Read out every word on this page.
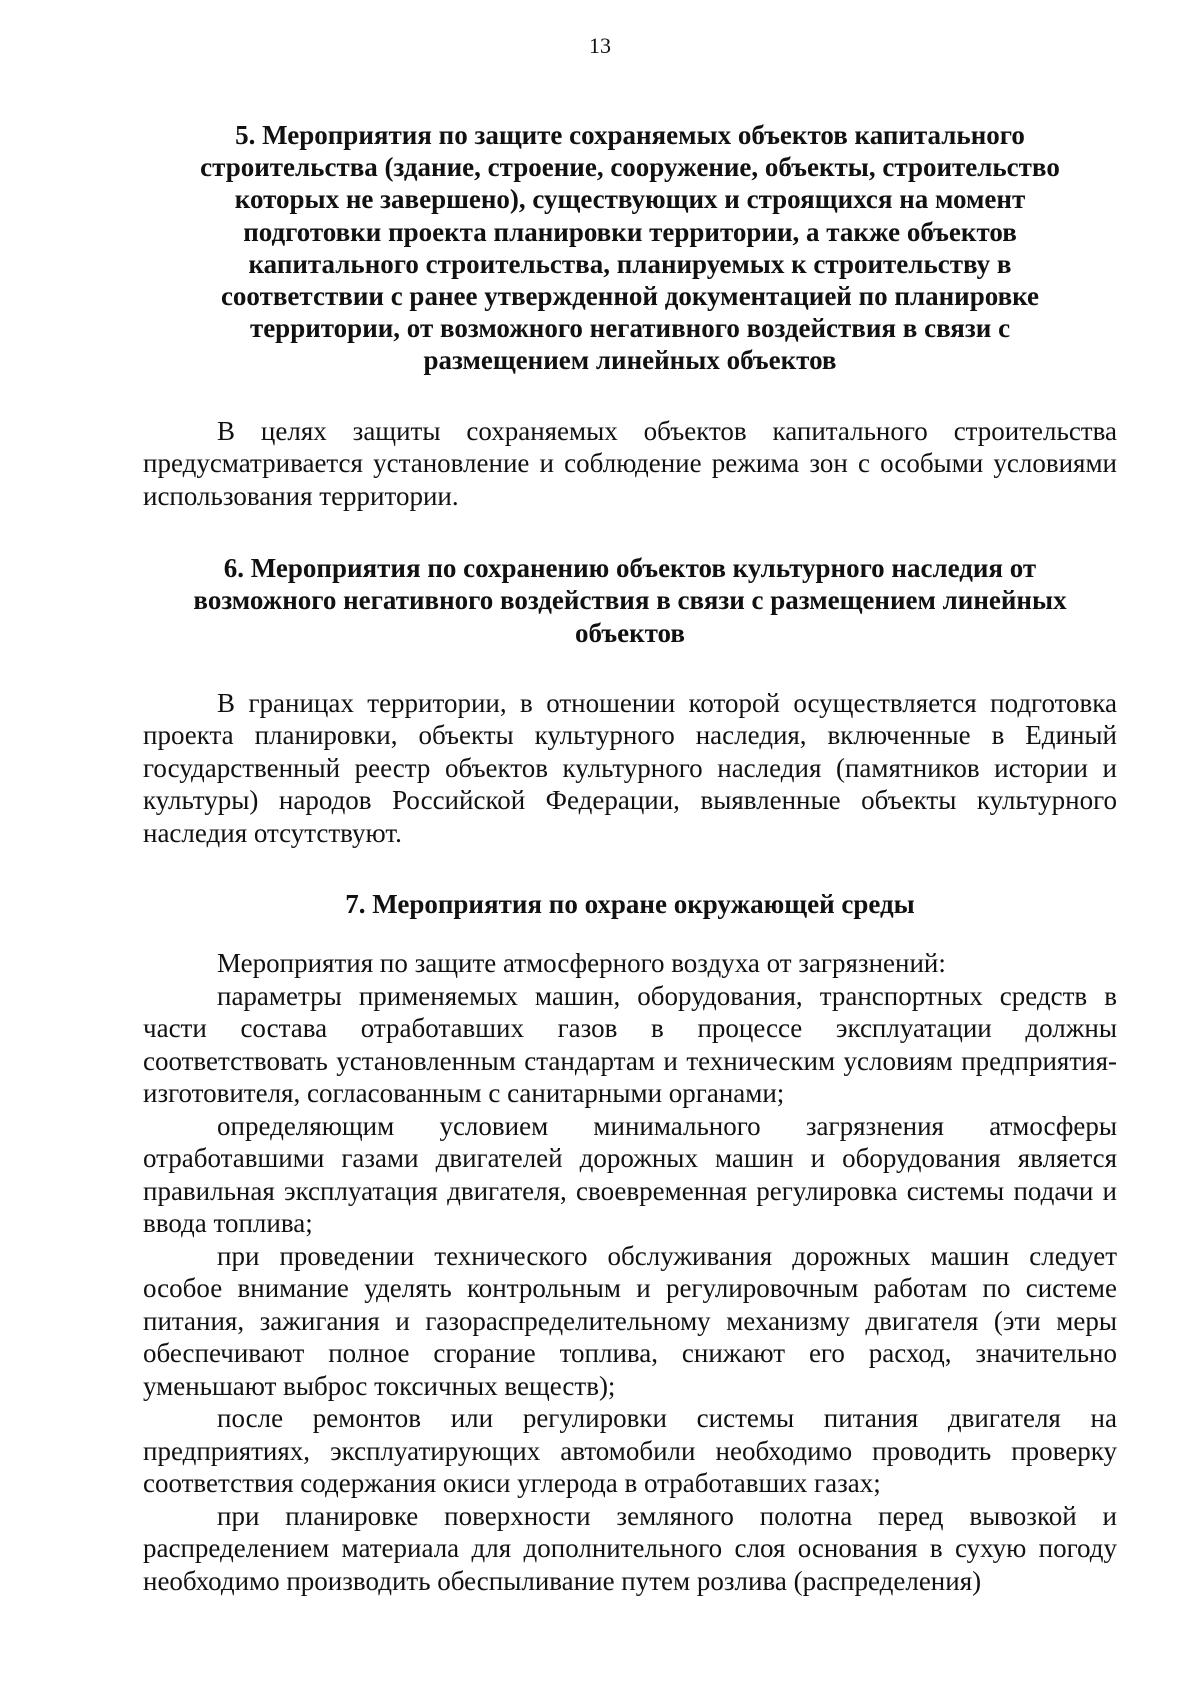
13
5. Мероприятия по защите сохраняемых объектов капитального строительства (здание, строение, сооружение, объекты, строительство которых не завершено), существующих и строящихся на момент подготовки проекта планировки территории, а также объектов капитального строительства, планируемых к строительству в соответствии с ранее утвержденной документацией по планировке территории, от возможного негативного воздействия в связи с размещением линейных объектов

В целях защиты сохраняемых объектов капитального строительства предусматривается установление и соблюдение режима зон с особыми условиями использования территории.

6. Мероприятия по сохранению объектов культурного наследия от возможного негативного воздействия в связи с размещением линейных объектов

В границах территории, в отношении которой осуществляется подготовка проекта планировки, объекты культурного наследия, включенные в Единый государственный реестр объектов культурного наследия (памятников истории и культуры) народов Российской Федерации, выявленные объекты культурного наследия отсутствуют.

7. Мероприятия по охране окружающей среды

Мероприятия по защите атмосферного воздуха от загрязнений:

параметры применяемых машин, оборудования, транспортных средств в части состава отработавших газов в процессе эксплуатации должны соответствовать установленным стандартам и техническим условиям предприятия-изготовителя, согласованным с санитарными органами;

определяющим условием минимального загрязнения атмосферы отработавшими газами двигателей дорожных машин и оборудования является правильная эксплуатация двигателя, своевременная регулировка системы подачи и ввода топлива;

при проведении технического обслуживания дорожных машин следует особое внимание уделять контрольным и регулировочным работам по системе питания, зажигания и газораспределительному механизму двигателя (эти меры обеспечивают полное сгорание топлива, снижают его расход, значительно уменьшают выброс токсичных веществ);

после ремонтов или регулировки системы питания двигателя на предприятиях, эксплуатирующих автомобили необходимо проводить проверку соответствия содержания окиси углерода в отработавших газах;

при планировке поверхности земляного полотна перед вывозкой и распределением материала для дополнительного слоя основания в сухую погоду необходимо производить обеспыливание путем розлива (распределения)
